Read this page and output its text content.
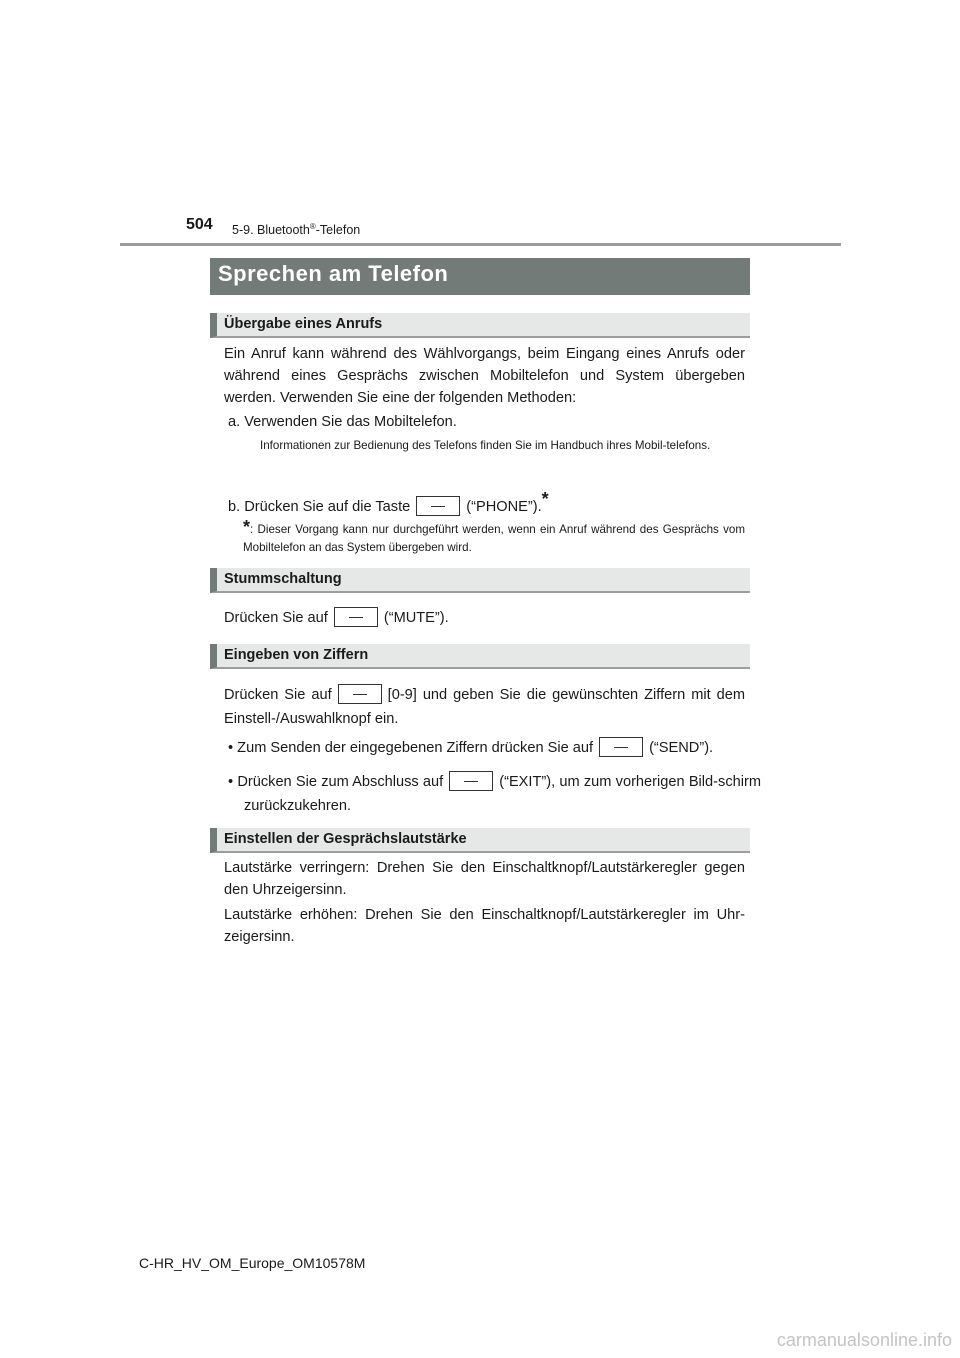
504 5-9. Bluetooth®-Telefon
Sprechen am Telefon
Übergabe eines Anrufs
Ein Anruf kann während des Wählvorgangs, beim Eingang eines Anrufs oder während eines Gesprächs zwischen Mobiltelefon und System übergeben werden. Verwenden Sie eine der folgenden Methoden:
a. Verwenden Sie das Mobiltelefon.
Informationen zur Bedienung des Telefons finden Sie im Handbuch ihres Mobil-telefons.
b. Drücken Sie auf die Taste	(“PHONE”).*
*: Dieser Vorgang kann nur durchgeführt werden, wenn ein Anruf während des Gesprächs vom Mobiltelefon an das System übergeben wird.
Stummschaltung
Drücken Sie auf	(“MUTE”).
Eingeben von Ziffern
Drücken Sie auf	[0-9] und geben Sie die gewünschten Ziffern mit dem Einstell-/Auswahlknopf ein.
• Zum Senden der eingegebenen Ziffern drücken Sie auf	(“SEND”).
• Drücken Sie zum Abschluss auf	(“EXIT”), um zum vorherigen Bild-schirm zurückzukehren.
Einstellen der Gesprächslautstärke
Lautstärke verringern: Drehen Sie den Einschaltknopf/Lautstärkeregler gegen den Uhrzeigersinn.
Lautstärke erhöhen: Drehen Sie den Einschaltknopf/Lautstärkeregler im Uhr-zeigersinn.
C-HR_HV_OM_Europe_OM10578M
carmanualsonline.info
